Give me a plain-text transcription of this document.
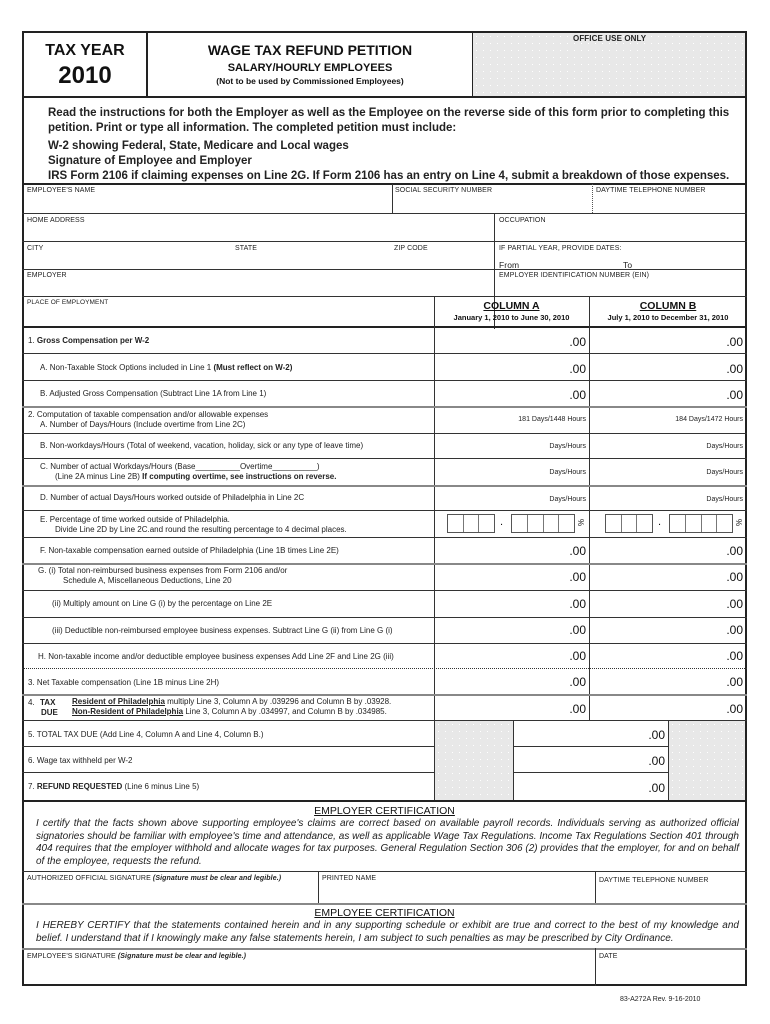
TAX YEAR
2010
WAGE TAX REFUND PETITION
SALARY/HOURLY EMPLOYEES
(Not to be used by Commissioned Employees)
OFFICE USE ONLY
Read the instructions for both the Employer as well as the Employee on the reverse side of this form prior to completing this
petition. Print or type all information. The completed petition must include:
W-2 showing Federal, State, Medicare and Local wages
Signature of Employee and Employer
IRS Form 2106 if claiming expenses on Line 2G. If Form 2106 has an entry on Line 4, submit a breakdown of those expenses.
EMPLOYEE'S NAME	SOCIAL SECURITY NUMBER	DAYTIME TELEPHONE NUMBER
HOME ADDRESS	OCCUPATION
CITY	STATE	ZIP CODE	IF PARTIAL YEAR, PROVIDE DATES:
From	To
EMPLOYER	EMPLOYER IDENTIFICATION NUMBER (EIN)
PLACE OF EMPLOYMENT	COLUMN A
January 1, 2010 to June 30, 2010
COLUMN B
July 1, 2010 to December 31, 2010
1. Gross Compensation per W-2	.00	.00
A. Non-Taxable Stock Options included in Line 1 (Must reflect on W-2)	.00	.00
B. Adjusted Gross Compensation (Subtract Line 1A from Line 1)	.00	.00
2. Computation of taxable compensation and/or allowable expenses
A. Number of Days/Hours (Include overtime from Line 2C)
181 Days/1448 Hours	184 Days/1472 Hours
B. Non-workdays/Hours (Total of weekend, vacation, holiday, sick or any type of leave time)	Days/Hours	Days/Hours
C. Number of actual Workdays/Hours (Base__________Overtime__________)
(Line 2A minus Line 2B) If computing overtime, see instructions on reverse.	Days/Hours	Days/Hours
D. Number of actual Days/Hours worked outside of Philadelphia in Line 2C	Days/Hours	Days/Hours
E. Percentage of time worked outside of Philadelphia.
Divide Line 2D by Line 2C.and round the resulting percentage to 4 decimal places.
.	%	.	%
F. Non-taxable compensation earned outside of Philadelphia (Line 1B times Line 2E)	.00	.00
G. (i) Total non-reimbursed business expenses from Form 2106 and/or
Schedule A, Miscellaneous Deductions, Line 20	.00	.00
(ii) Multiply amount on Line G (i) by the percentage on Line 2E	.00	.00
(iii) Deductible non-reimbursed employee business expenses. Subtract Line G (ii) from Line G (i)	.00	.00
H. Non-taxable income and/or deductible employee business expenses Add Line 2F and Line 2G (iii)	.00	.00
3. Net Taxable compensation (Line 1B minus Line 2H)	.00	.00
4. TAX
DUE
Resident of Philadelphia multiply Line 3, Column A by .039296 and Column B by .03928.
Non-Resident of Philadelphia Line 3, Column A by .034997, and Column B by .034985.	.00	.00
5. TOTAL TAX DUE (Add Line 4, Column A and Line 4, Column B.)	.00
6. Wage tax withheld per W-2	.00
7. REFUND REQUESTED (Line 6 minus Line 5)	.00
EMPLOYER CERTIFICATION
I certify that the facts shown above supporting employee's claims are correct based on available payroll records. Individuals serving as authorized official signatories should be familiar with employee's time and attendance, as well as applicable Wage Tax Regulations. Income Tax Regulations Section 401 through 404 requires that the employer withhold and allocate wages for tax purposes. General Regulation Section 306 (2) provides that the employer, for and on behalf of the employee, requests the refund.
AUTHORIZED OFFICIAL SIGNATURE (Signature must be clear and legible.)	PRINTED NAME	DAYTIME TELEPHONE NUMBER
EMPLOYEE CERTIFICATION
I HEREBY CERTIFY that the statements contained herein and in any supporting schedule or exhibit are true and correct to the best of my knowledge and belief. I understand that if I knowingly make any false statements herein, I am subject to such penalties as may be prescribed by City Ordinance.
EMPLOYEE'S SIGNATURE (Signature must be clear and legible.)	DATE
83-A272A Rev. 9-16-2010
